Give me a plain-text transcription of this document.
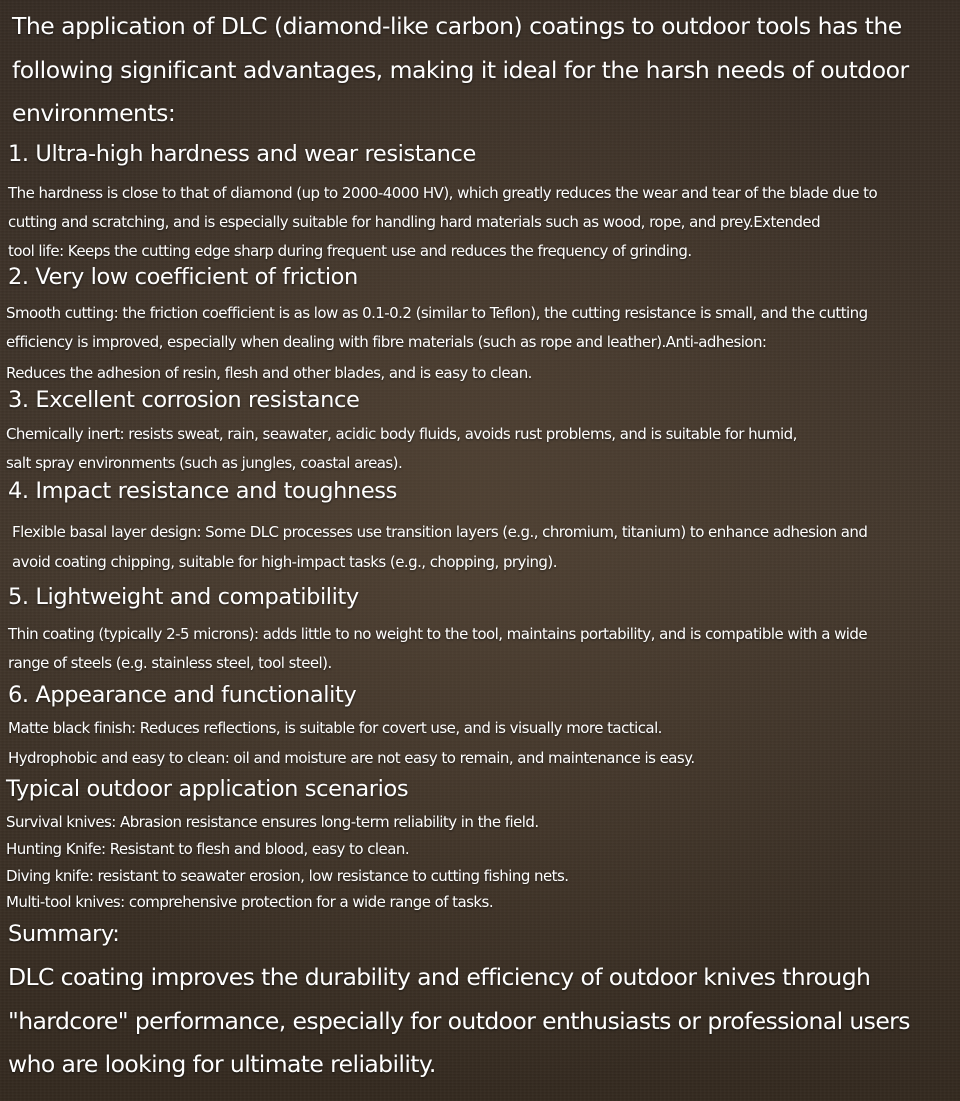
The application of DLC (diamond-like carbon) coatings to outdoor tools has the
following significant advantages, making it ideal for the harsh needs of outdoor
environments:
1. Ultra-high hardness and wear resistance
The hardness is close to that of diamond (up to 2000-4000 HV), which greatly reduces the wear and tear of the blade due to
cutting and scratching, and is especially suitable for handling hard materials such as wood, rope, and prey.Extended
tool life: Keeps the cutting edge sharp during frequent use and reduces the frequency of grinding.
2. Very low coefficient of friction
Smooth cutting: the friction coefficient is as low as 0.1-0.2 (similar to Teflon), the cutting resistance is small, and the cutting
efficiency is improved, especially when dealing with fibre materials (such as rope and leather).Anti-adhesion:
Reduces the adhesion of resin, flesh and other blades, and is easy to clean.
3. Excellent corrosion resistance
Chemically inert: resists sweat, rain, seawater, acidic body fluids, avoids rust problems, and is suitable for humid,
salt spray environments (such as jungles, coastal areas).
4. Impact resistance and toughness
Flexible basal layer design: Some DLC processes use transition layers (e.g., chromium, titanium) to enhance adhesion and
avoid coating chipping, suitable for high-impact tasks (e.g., chopping, prying).
5. Lightweight and compatibility
Thin coating (typically 2-5 microns): adds little to no weight to the tool, maintains portability, and is compatible with a wide
range of steels (e.g. stainless steel, tool steel).
6. Appearance and functionality
Matte black finish: Reduces reflections, is suitable for covert use, and is visually more tactical.
Hydrophobic and easy to clean: oil and moisture are not easy to remain, and maintenance is easy.
Typical outdoor application scenarios
Survival knives: Abrasion resistance ensures long-term reliability in the field.
Hunting Knife: Resistant to flesh and blood, easy to clean.
Diving knife: resistant to seawater erosion, low resistance to cutting fishing nets.
Multi-tool knives: comprehensive protection for a wide range of tasks.
Summary:
DLC coating improves the durability and efficiency of outdoor knives through
"hardcore" performance, especially for outdoor enthusiasts or professional users
who are looking for ultimate reliability.
